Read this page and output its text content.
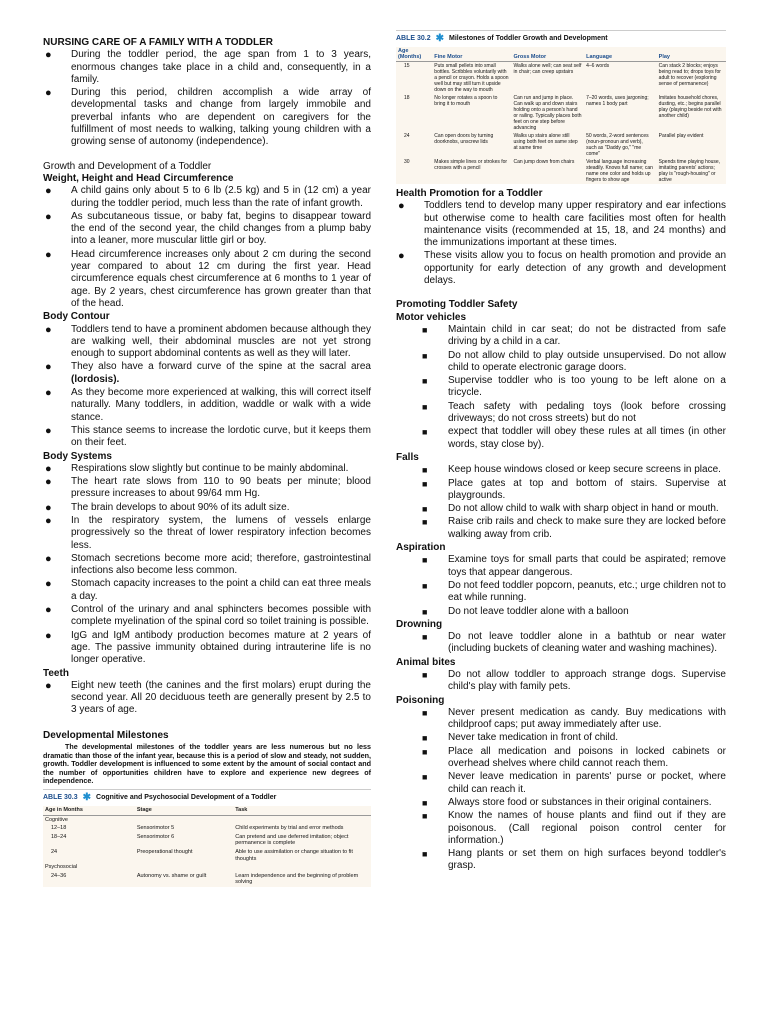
NURSING CARE OF A FAMILY WITH A TODDLER
● During the toddler period, the age span from 1 to 3 years, enormous changes take place in a child and, consequently, in a family.
● During this period, children accomplish a wide array of developmental tasks and change from largely immobile and preverbal infants who are dependent on caregivers for the fulfillment of most needs to walking, talking young children with a growing sense of autonomy (independence).
Growth and Development of a Toddler
Weight, Height and Head Circumference
● A child gains only about 5 to 6 lb (2.5 kg) and 5 in (12 cm) a year during the toddler period, much less than the rate of infant growth.
● As subcutaneous tissue, or baby fat, begins to disappear toward the end of the second year, the child changes from a plump baby into a leaner, more muscular little girl or boy.
● Head circumference increases only about 2 cm during the second year compared to about 12 cm during the first year. Head circumference equals chest circumference at 6 months to 1 year of age. By 2 years, chest circumference has grown greater than that of the head.
Body Contour
● Toddlers tend to have a prominent abdomen because although they are walking well, their abdominal muscles are not yet strong enough to support abdominal contents as well as they will later.
● They also have a forward curve of the spine at the sacral area (lordosis).
● As they become more experienced at walking, this will correct itself naturally. Many toddlers, in addition, waddle or walk with a wide stance.
● This stance seems to increase the lordotic curve, but it keeps them on their feet.
Body Systems
● Respirations slow slightly but continue to be mainly abdominal.
● The heart rate slows from 110 to 90 beats per minute; blood pressure increases to about 99/64 mm Hg.
● The brain develops to about 90% of its adult size.
● In the respiratory system, the lumens of vessels enlarge progressively so the threat of lower respiratory infection becomes less.
● Stomach secretions become more acid; therefore, gastrointestinal infections also become less common.
● Stomach capacity increases to the point a child can eat three meals a day.
● Control of the urinary and anal sphincters becomes possible with complete myelination of the spinal cord so toilet training is possible.
● IgG and IgM antibody production becomes mature at 2 years of age. The passive immunity obtained during intrauterine life is no longer operative.
Teeth
● Eight new teeth (the canines and the first molars) erupt during the second year. All 20 deciduous teeth are generally present by 2.5 to 3 years of age.
Developmental Milestones
The developmental milestones of the toddler years are less numerous but no less dramatic than those of the infant year, because this is a period of slow and steady, not sudden, growth. Toddler development is influenced to some extent by the amount of social contact and the number of opportunities children have to explore and experience new degrees of independence.
ABLE 30.3 ✱ Cognitive and Psychosocial Development of a Toddler
Age in Months	Stage	Task
Cognitive		
12–18	Sensorimotor 5	Child experiments by trial and error methods
18–24	Sensorimotor 6	Can pretend and use deferred imitation; object permanence is complete
24	Preoperational thought	Able to use assimilation or change situation to fit thoughts
Psychosocial		
24–36	Autonomy vs. shame or guilt	Learn independence and the beginning of problem solving
ABLE 30.2 ✱ Milestones of Toddler Growth and Development
Age (Months)	Fine Motor	Gross Motor	Language	Play
15	Puts small pellets into small bottles. Scribbles voluntarily with a pencil or crayon. Holds a spoon well but may still turn it upside down on the way to mouth	Walks alone well; can seat self in chair; can creep upstairs	4–6 words	Can stack 2 blocks; enjoys being read to; drops toys for adult to recover (exploring sense of permanence)
18	No longer rotates a spoon to bring it to mouth	Can run and jump in place. Can walk up and down stairs holding onto a person's hand or railing. Typically places both feet on one step before advancing	7–20 words, uses jargoning; names 1 body part	Imitates household chores, dusting, etc.; begins parallel play (playing beside not with another child)
24	Can open doors by turning doorknobs, unscrew lids	Walks up stairs alone still using both feet on same step at same time	50 words, 2-word sentences (noun-pronoun and verb), such as "Daddy go," "me come"	Parallel play evident
30	Makes simple lines or strokes for crosses with a pencil	Can jump down from chairs	Verbal language increasing steadily. Knows full name; can name one color and holds up fingers to show age	Spends time playing house, imitating parents' actions; play is "rough-housing" or active
Health Promotion for a Toddler
● Toddlers tend to develop many upper respiratory and ear infections but otherwise come to health care facilities most often for health maintenance visits (recommended at 15, 18, and 24 months) and the immunizations important at these times.
● These visits allow you to focus on health promotion and provide an opportunity for early detection of any growth and development delays.
Promoting Toddler Safety
Motor vehicles
■ Maintain child in car seat; do not be distracted from safe driving by a child in a car.
■ Do not allow child to play outside unsupervised. Do not allow child to operate electronic garage doors.
■ Supervise toddler who is too young to be left alone on a tricycle.
■ Teach safety with pedaling toys (look before crossing driveways; do not cross streets) but do not
■ expect that toddler will obey these rules at all times (in other words, stay close by).
Falls
■ Keep house windows closed or keep secure screens in place.
■ Place gates at top and bottom of stairs. Supervise at playgrounds.
■ Do not allow child to walk with sharp object in hand or mouth.
■ Raise crib rails and check to make sure they are locked before walking away from crib.
Aspiration
■ Examine toys for small parts that could be aspirated; remove toys that appear dangerous.
■ Do not feed toddler popcorn, peanuts, etc.; urge children not to eat while running.
■ Do not leave toddler alone with a balloon
Drowning
■ Do not leave toddler alone in a bathtub or near water (including buckets of cleaning water and washing machines).
Animal bites
■ Do not allow toddler to approach strange dogs. Supervise child's play with family pets.
Poisoning
■ Never present medication as candy. Buy medications with childproof caps; put away immediately after use.
■ Never take medication in front of child.
■ Place all medication and poisons in locked cabinets or overhead shelves where child cannot reach them.
■ Never leave medication in parents' purse or pocket, where child can reach it.
■ Always store food or substances in their original containers.
■ Know the names of house plants and fiind out if they are poisonous. (Call regional poison control center for information.)
■ Hang plants or set them on high surfaces beyond toddler's grasp.
